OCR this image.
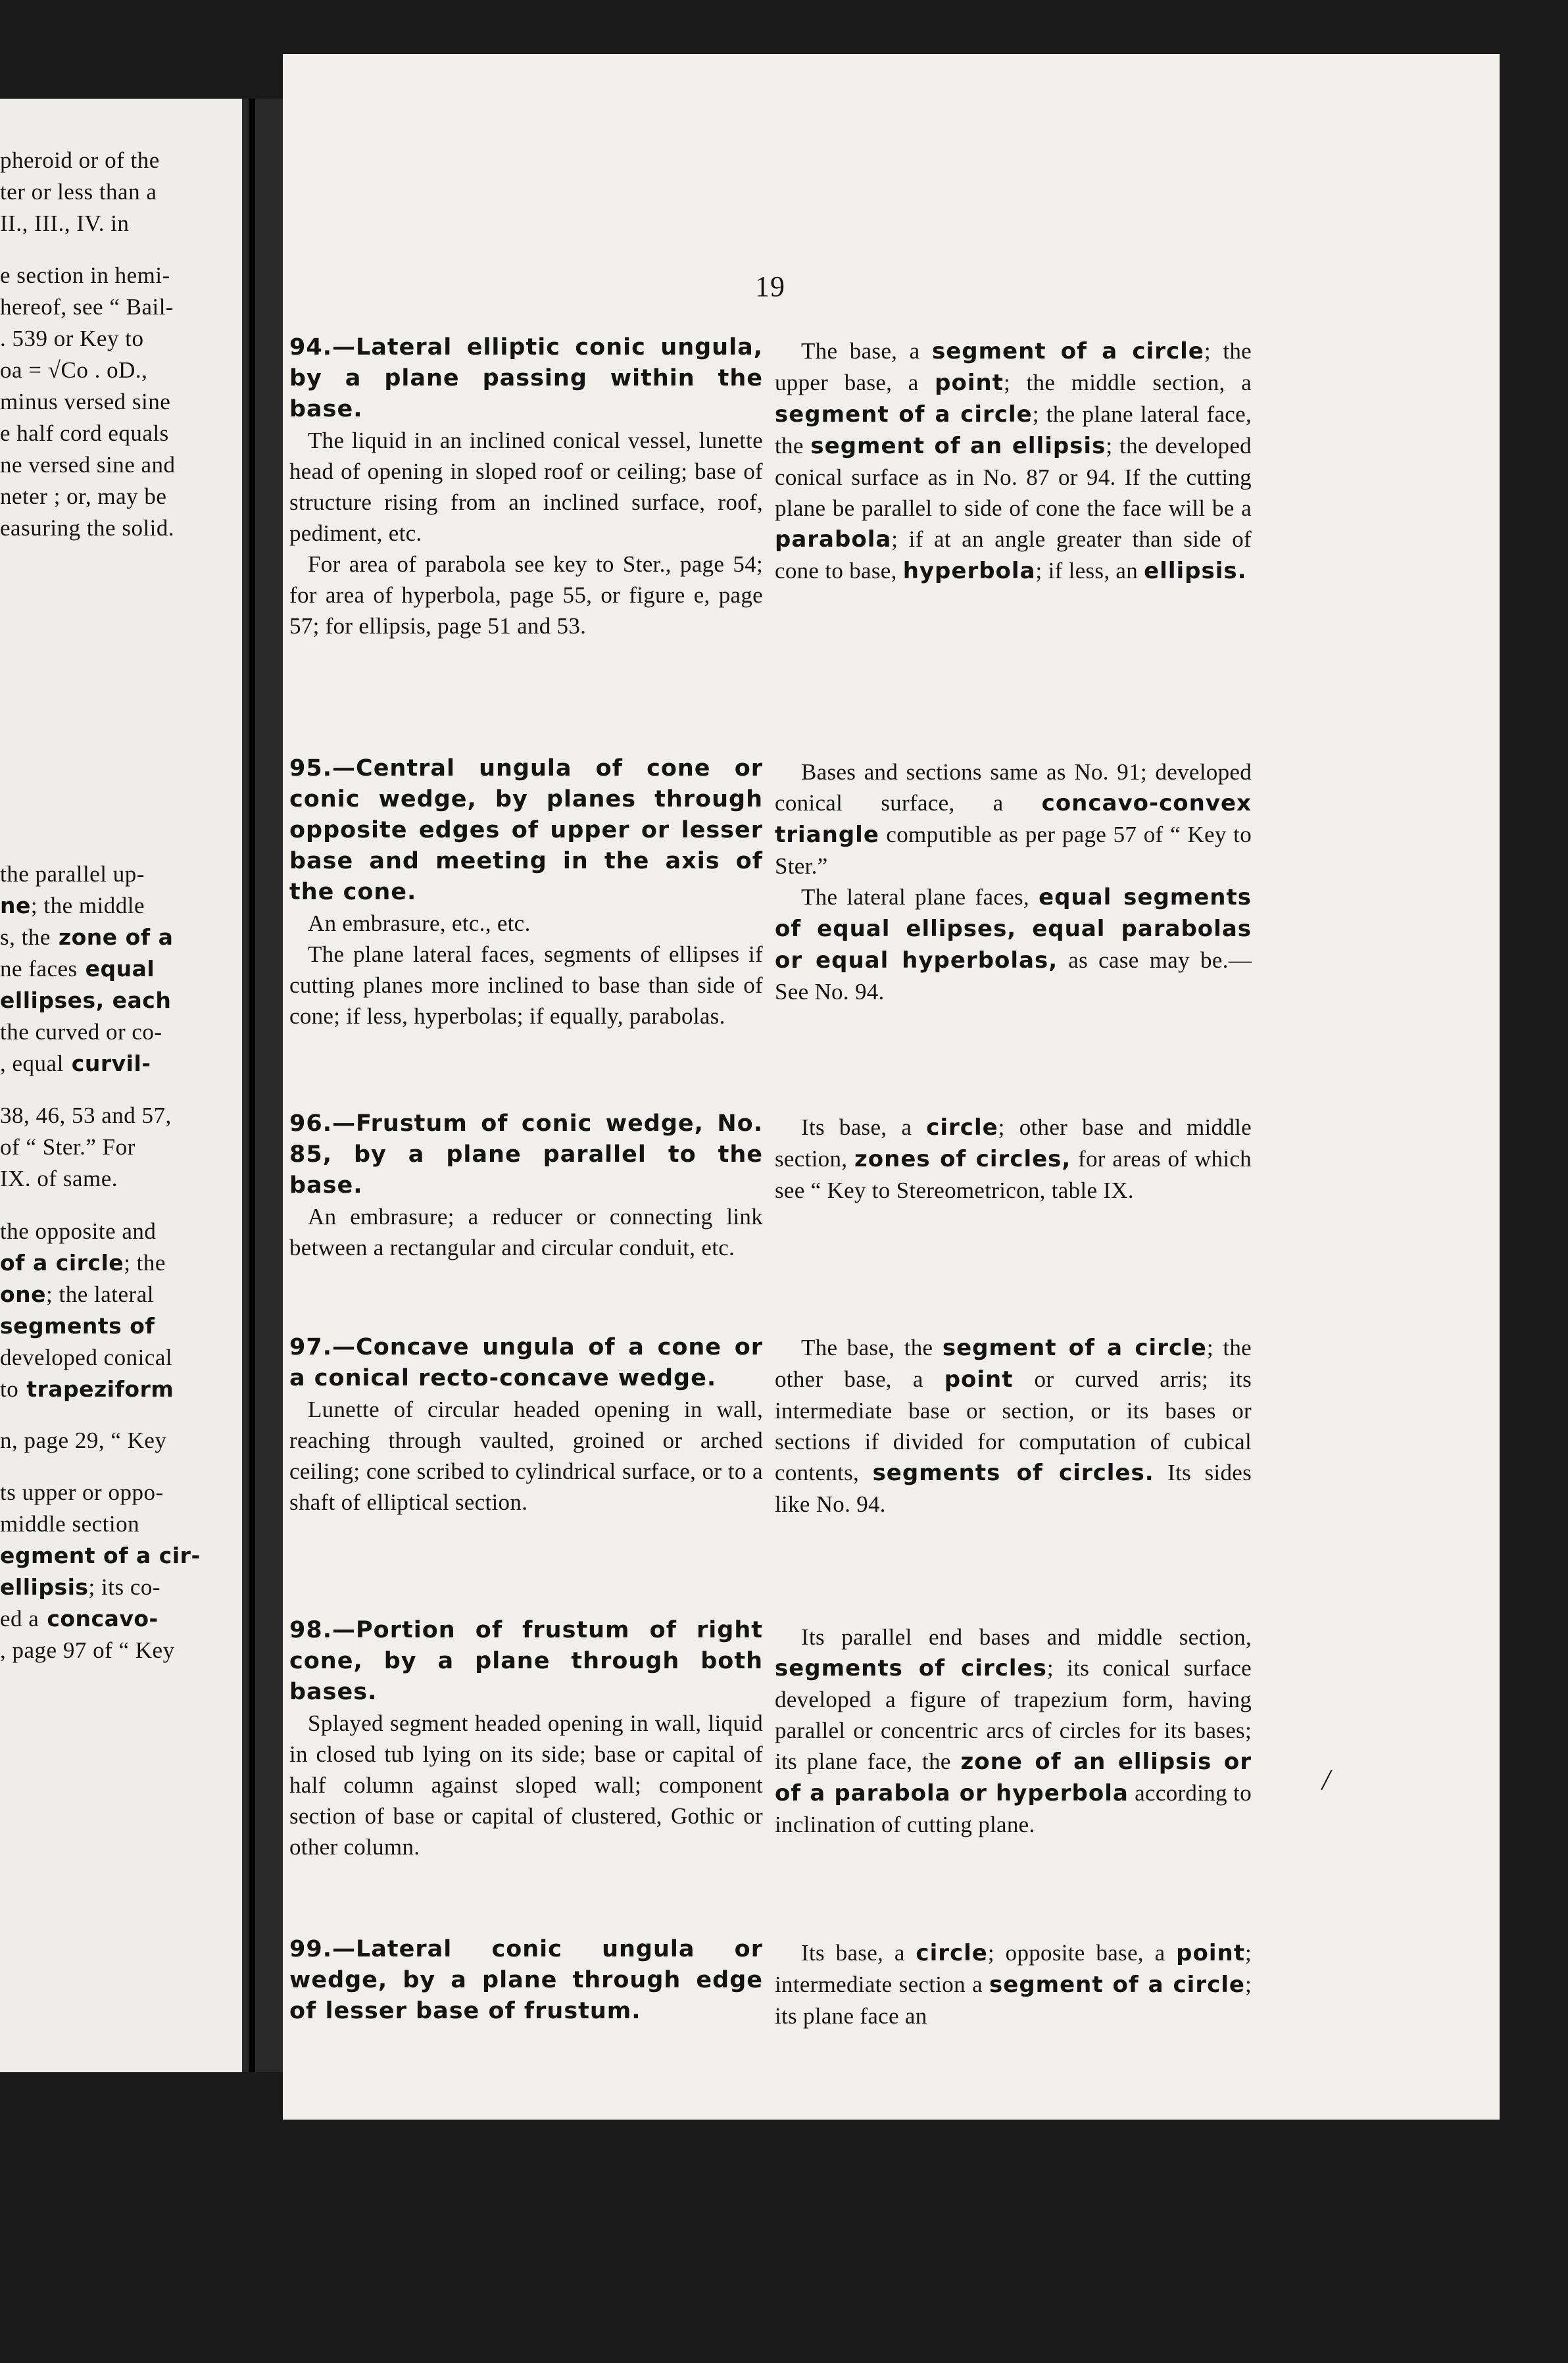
pheroid or of the
ter or less than a
II., III., IV. in
e section in hemi-
hereof, see “ Bail-
. 539 or Key to
oa = √Co . oD.,
minus versed sine
e half cord equals
ne versed sine and
neter ; or, may be
easuring the solid.
the parallel up-
ne; the middle
s, the zone of a
ne faces equal
ellipses, each
the curved or co-
, equal curvil-
38, 46, 53 and 57,
of “ Ster.” For
IX. of same.
the opposite and
of a circle; the
one; the lateral
segments of
developed conical
to trapeziform
n, page 29, “ Key
ts upper or oppo-
middle section
egment of a cir-
ellipsis; its co-
ed a concavo-
, page 97 of “ Key
19

94.—Lateral elliptic conic ungula, by a plane passing within the base.

The liquid in an inclined conical vessel, lunette head of opening in sloped roof or ceiling; base of structure rising from an inclined surface, roof, pediment, etc.

For area of parabola see key to Ster., page 54; for area of hyperbola, page 55, or figure e, page 57; for ellipsis, page 51 and 53.

The base, a segment of a circle; the upper base, a point; the middle section, a segment of a circle; the plane lateral face, the segment of an ellipsis; the developed conical surface as in No. 87 or 94. If the cutting plane be parallel to side of cone the face will be a parabola; if at an angle greater than side of cone to base, hyperbola; if less, an ellipsis.

95.—Central ungula of cone or conic wedge, by planes through opposite edges of upper or lesser base and meeting in the axis of the cone.

An embrasure, etc., etc.

The plane lateral faces, segments of ellipses if cutting planes more inclined to base than side of cone; if less, hyperbolas; if equally, parabolas.

Bases and sections same as No. 91; developed conical surface, a concavo-convex triangle computible as per page 57 of “ Key to Ster.”

The lateral plane faces, equal segments of equal ellipses, equal parabolas or equal hyperbolas, as case may be.—See No. 94.

96.—Frustum of conic wedge, No. 85, by a plane parallel to the base.

An embrasure; a reducer or connecting link between a rectangular and circular conduit, etc.

Its base, a circle; other base and middle section, zones of circles, for areas of which see “ Key to Stereometricon, table IX.

97.—Concave ungula of a cone or a conical recto-concave wedge.

Lunette of circular headed opening in wall, reaching through vaulted, groined or arched ceiling; cone scribed to cylindrical surface, or to a shaft of elliptical section.

The base, the segment of a circle; the other base, a point or curved arris; its intermediate base or section, or its bases or sections if divided for computation of cubical contents, segments of circles. Its sides like No. 94.

98.—Portion of frustum of right cone, by a plane through both bases.

Splayed segment headed opening in wall, liquid in closed tub lying on its side; base or capital of half column against sloped wall; component section of base or capital of clustered, Gothic or other column.

Its parallel end bases and middle section, segments of circles; its conical surface developed a figure of trapezium form, having parallel or concentric arcs of circles for its bases; its plane face, the zone of an ellipsis or of a parabola or hyperbola according to inclination of cutting plane.

99.—Lateral conic ungula or wedge, by a plane through edge of lesser base of frustum.

Its base, a circle; opposite base, a point; intermediate section a segment of a circle; its plane face an

/
